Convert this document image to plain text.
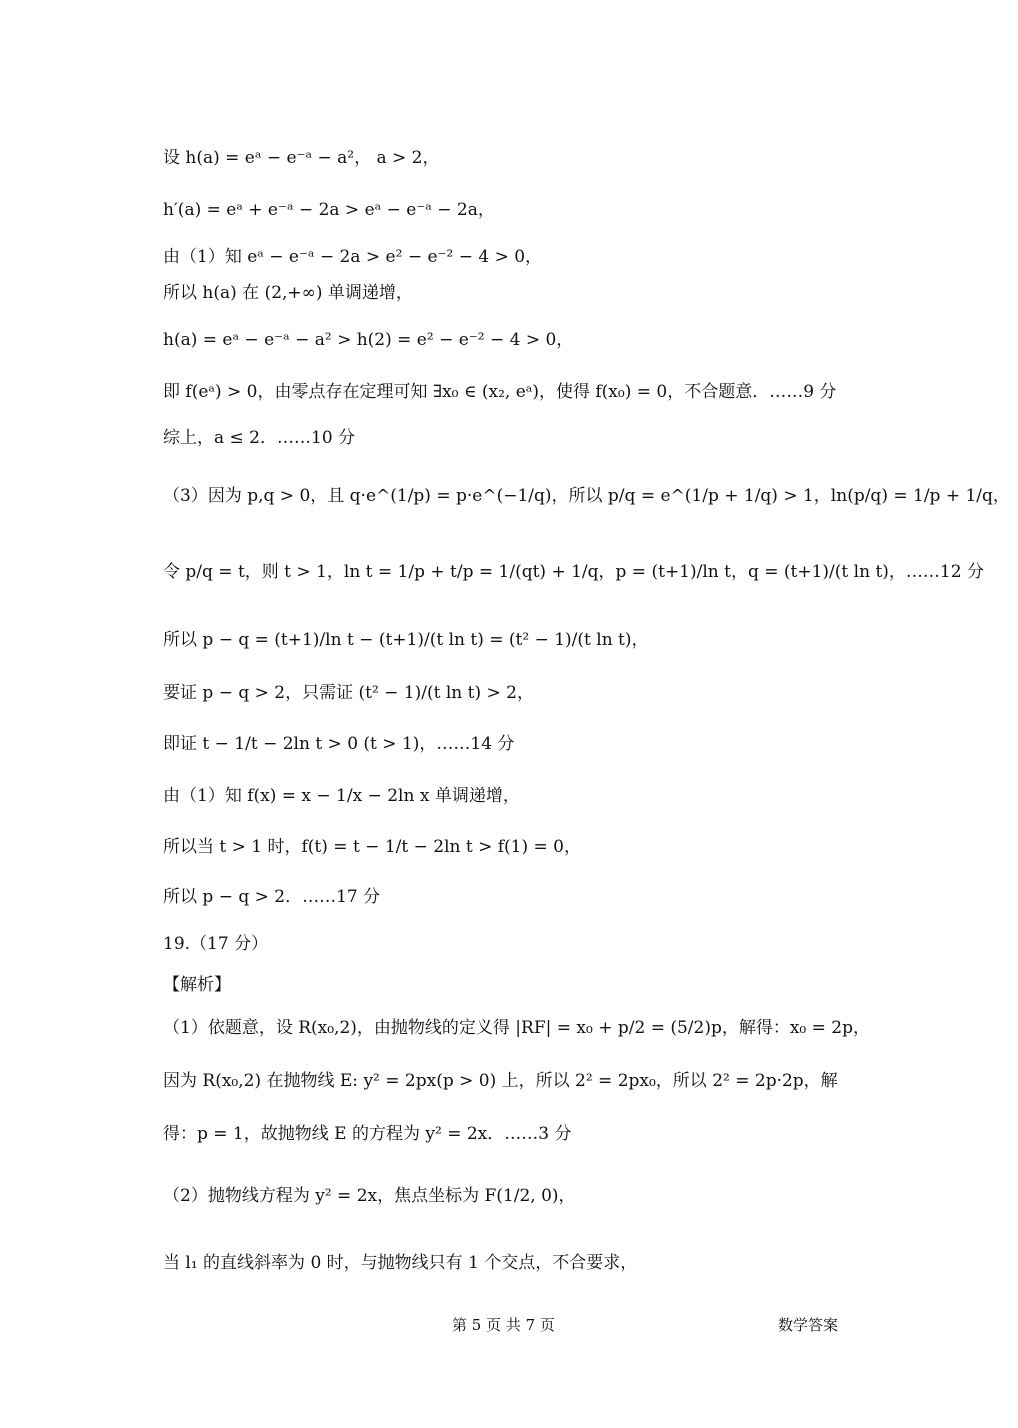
设 h(a) = eᵃ − e⁻ᵃ − a²， a > 2，
h′(a) = eᵃ + e⁻ᵃ − 2a > eᵃ − e⁻ᵃ − 2a，
由（1）知 eᵃ − e⁻ᵃ − 2a > e² − e⁻² − 4 > 0，
所以 h(a) 在 (2,+∞) 单调递增，
h(a) = eᵃ − e⁻ᵃ − a² > h(2) = e² − e⁻² − 4 > 0，
即 f(eᵃ) > 0，由零点存在定理可知 ∃x₀ ∈ (x₂, eᵃ)，使得 f(x₀) = 0，不合题意．……9 分
综上，a ≤ 2．……10 分
（3）因为 p,q > 0，且 q·e^(1/p) = p·e^(−1/q)，所以 p/q = e^(1/p + 1/q) > 1，ln(p/q) = 1/p + 1/q，
令 p/q = t，则 t > 1，ln t = 1/p + t/p = 1/(qt) + 1/q，p = (t+1)/ln t，q = (t+1)/(t ln t)，……12 分
所以 p − q = (t+1)/ln t − (t+1)/(t ln t) = (t² − 1)/(t ln t)，
要证 p − q > 2，只需证 (t² − 1)/(t ln t) > 2，
即证 t − 1/t − 2ln t > 0 (t > 1)，……14 分
由（1）知 f(x) = x − 1/x − 2ln x 单调递增，
所以当 t > 1 时，f(t) = t − 1/t − 2ln t > f(1) = 0，
所以 p − q > 2．……17 分
19.（17 分）
【解析】
（1）依题意，设 R(x₀,2)，由抛物线的定义得 |RF| = x₀ + p/2 = (5/2)p，解得：x₀ = 2p，
因为 R(x₀,2) 在抛物线 E: y² = 2px(p > 0) 上，所以 2² = 2px₀，所以 2² = 2p·2p，解
得：p = 1，故抛物线 E 的方程为 y² = 2x．……3 分
（2）抛物线方程为 y² = 2x，焦点坐标为 F(1/2, 0)，
当 l₁ 的直线斜率为 0 时，与抛物线只有 1 个交点，不合要求，
第 5 页 共 7 页	数学答案
